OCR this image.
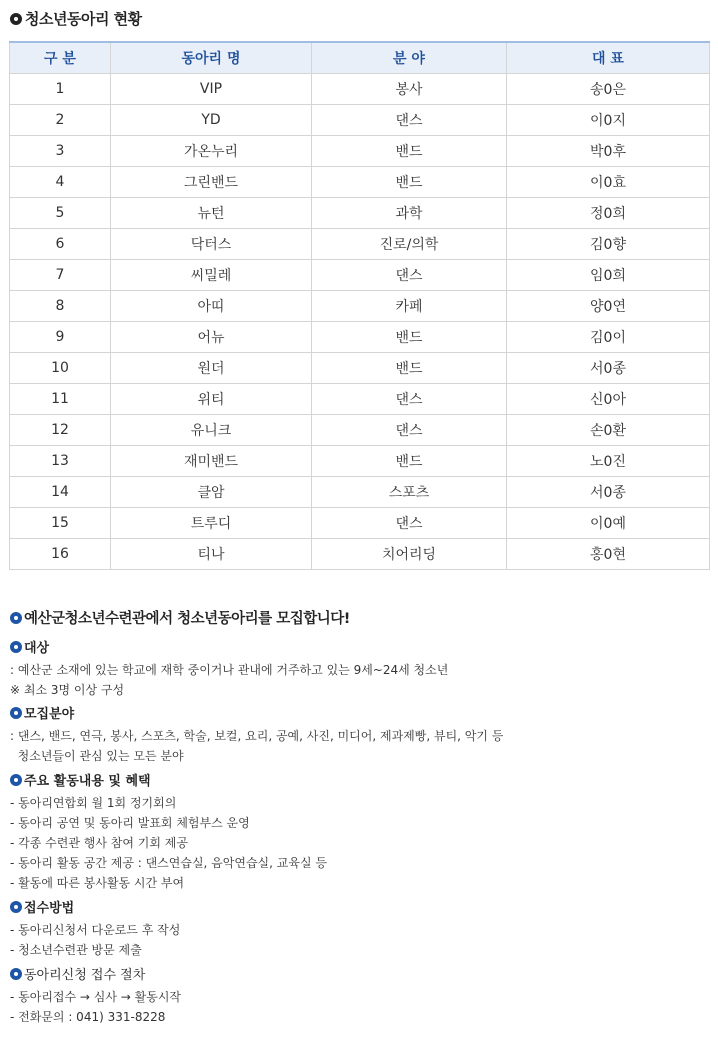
청소년동아리 현황
구 분	동아리 명	분 야	대 표
1	VIP	봉사	송0은
2	YD	댄스	이0지
3	가온누리	밴드	박0후
4	그린밴드	밴드	이0효
5	뉴턴	과학	정0희
6	닥터스	진로/의학	김0향
7	씨밀레	댄스	임0희
8	아띠	카페	양0연
9	어뉴	밴드	김0이
10	원더	밴드	서0종
11	위티	댄스	신0아
12	유니크	댄스	손0환
13	재미밴드	밴드	노0진
14	클암	스포츠	서0종
15	트루디	댄스	이0예
16	티나	치어리딩	홍0현
예산군청소년수련관에서 청소년동아리를 모집합니다!
대상
: 예산군 소재에 있는 학교에 재학 중이거나 관내에 거주하고 있는 9세~24세 청소년
※ 최소 3명 이상 구성
모집분야
: 댄스, 밴드, 연극, 봉사, 스포츠, 학술, 보컬, 요리, 공예, 사진, 미디어, 제과제빵, 뷰티, 악기 등
청소년들이 관심 있는 모든 분야
주요 활동내용 및 혜택
- 동아리연합회 월 1회 정기회의
- 동아리 공연 및 동아리 발표회 체험부스 운영
- 각종 수련관 행사 참여 기회 제공
- 동아리 활동 공간 제공 : 댄스연습실, 음악연습실, 교육실 등
- 활동에 따른 봉사활동 시간 부여
접수방법
- 동아리신청서 다운로드 후 작성
- 청소년수련관 방문 제출
동아리신청 접수 절차
- 동아리접수 → 심사 → 활동시작
- 전화문의 : 041) 331-8228
